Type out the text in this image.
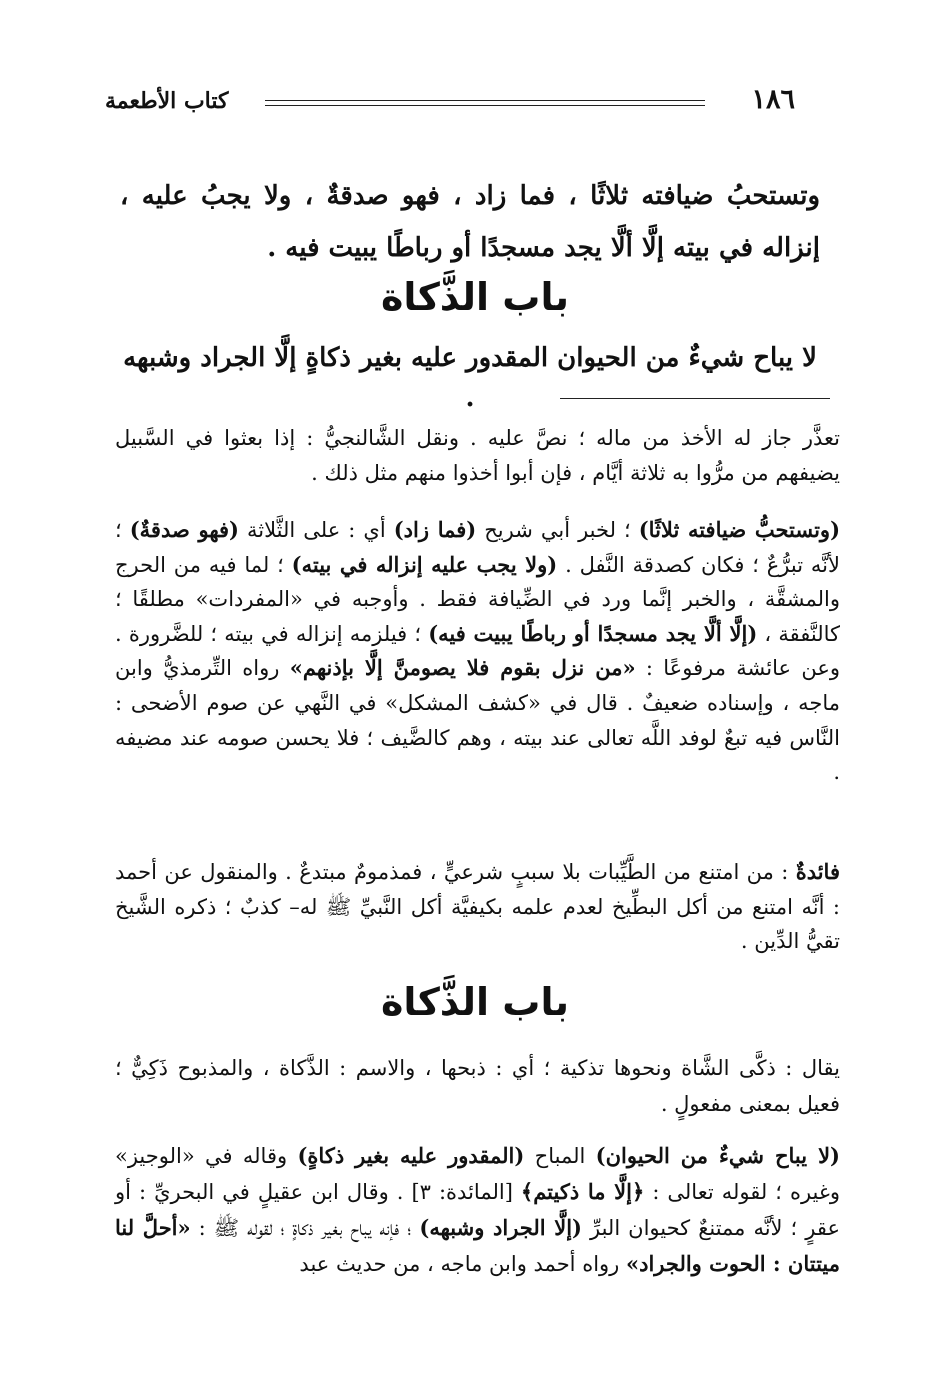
كتاب الأطعمة	١٨٦
وتستحبُ ضيافته ثلاثًا ، فما زاد ، فهو صدقةٌ ، ولا يجبُ عليه ، إنزاله في بيته إلَّا ألَّا يجد مسجدًا أو رباطًا يبيت فيه .
باب الذَّكاة
لا يباح شيءٌ من الحيوان المقدور عليه بغير ذكاةٍ إلَّا الجراد وشبهه .

تعذَّر جاز له الأخذ من ماله ؛ نصَّ عليه . ونقل الشَّالنجيُّ : إذا بعثوا في السَّبيل يضيفهم من مرُّوا به ثلاثة أيَّام ، فإن أبوا أخذوا منهم مثل ذلك .

(وتستحبُّ ضيافته ثلاثًا) ؛ لخبر أبي شريح (فما زاد) أي : على الثَّلاثة (فهو صدقةٌ) ؛ لأنَّه تبرُّعٌ ؛ فكان كصدقة النَّفل . (ولا يجب عليه إنزاله في بيته) ؛ لما فيه من الحرج والمشقَّة ، والخبر إنَّما ورد في الضِّيافة فقط . وأوجبه في «المفردات» مطلقًا ؛ كالنَّفقة ، (إلَّا ألَّا يجد مسجدًا أو رباطًا يبيت فيه) ؛ فيلزمه إنزاله في بيته ؛ للضَّرورة . وعن عائشة مرفوعًا : «من نزل بقوم فلا يصومنَّ إلَّا بإذنهم» رواه التِّرمذيُّ وابن ماجه ، وإسناده ضعيفٌ . قال في «كشف المشكل» في النَّهي عن صوم الأضحى : النَّاس فيه تبعٌ لوفد اللَّه تعالى عند بيته ، وهم كالضَّيف ؛ فلا يحسن صومه عند مضيفه .

فائدةٌ : من امتنع من الطَّيِّبات بلا سببٍ شرعيٍّ ، فمذمومٌ مبتدعٌ . والمنقول عن أحمد : أنَّه امتنع من أكل البطِّيخ لعدم علمه بكيفيَّة أكل النَّبيِّ ﷺ له– كذبٌ ؛ ذكره الشَّيخ تقيُّ الدِّين .

باب الذَّكاة

يقال : ذكَّى الشَّاة ونحوها تذكية ؛ أي : ذبحها ، والاسم : الذَّكاة ، والمذبوح ذَكِيٌّ ؛ فعيل بمعنى مفعولٍ .

(لا يباح شيءٌ من الحيوان) المباح (المقدور عليه بغير ذكاةٍ) وقاله في «الوجيز» وغيره ؛ لقوله تعالى : ﴿إلَّا ما ذكيتم﴾ [المائدة: ٣] . وقال ابن عقيلٍ في البحريِّ : أو عقرٍ ؛ لأنَّه ممتنعٌ كحيوان البرِّ (إلَّا الجراد وشبهه) ؛ فإنه يباح بغير ذكاةٍ ؛ لقوله ﷺ : «أحلَّ لنا ميتتان : الحوت والجراد» رواه أحمد وابن ماجه ، من حديث عبد
